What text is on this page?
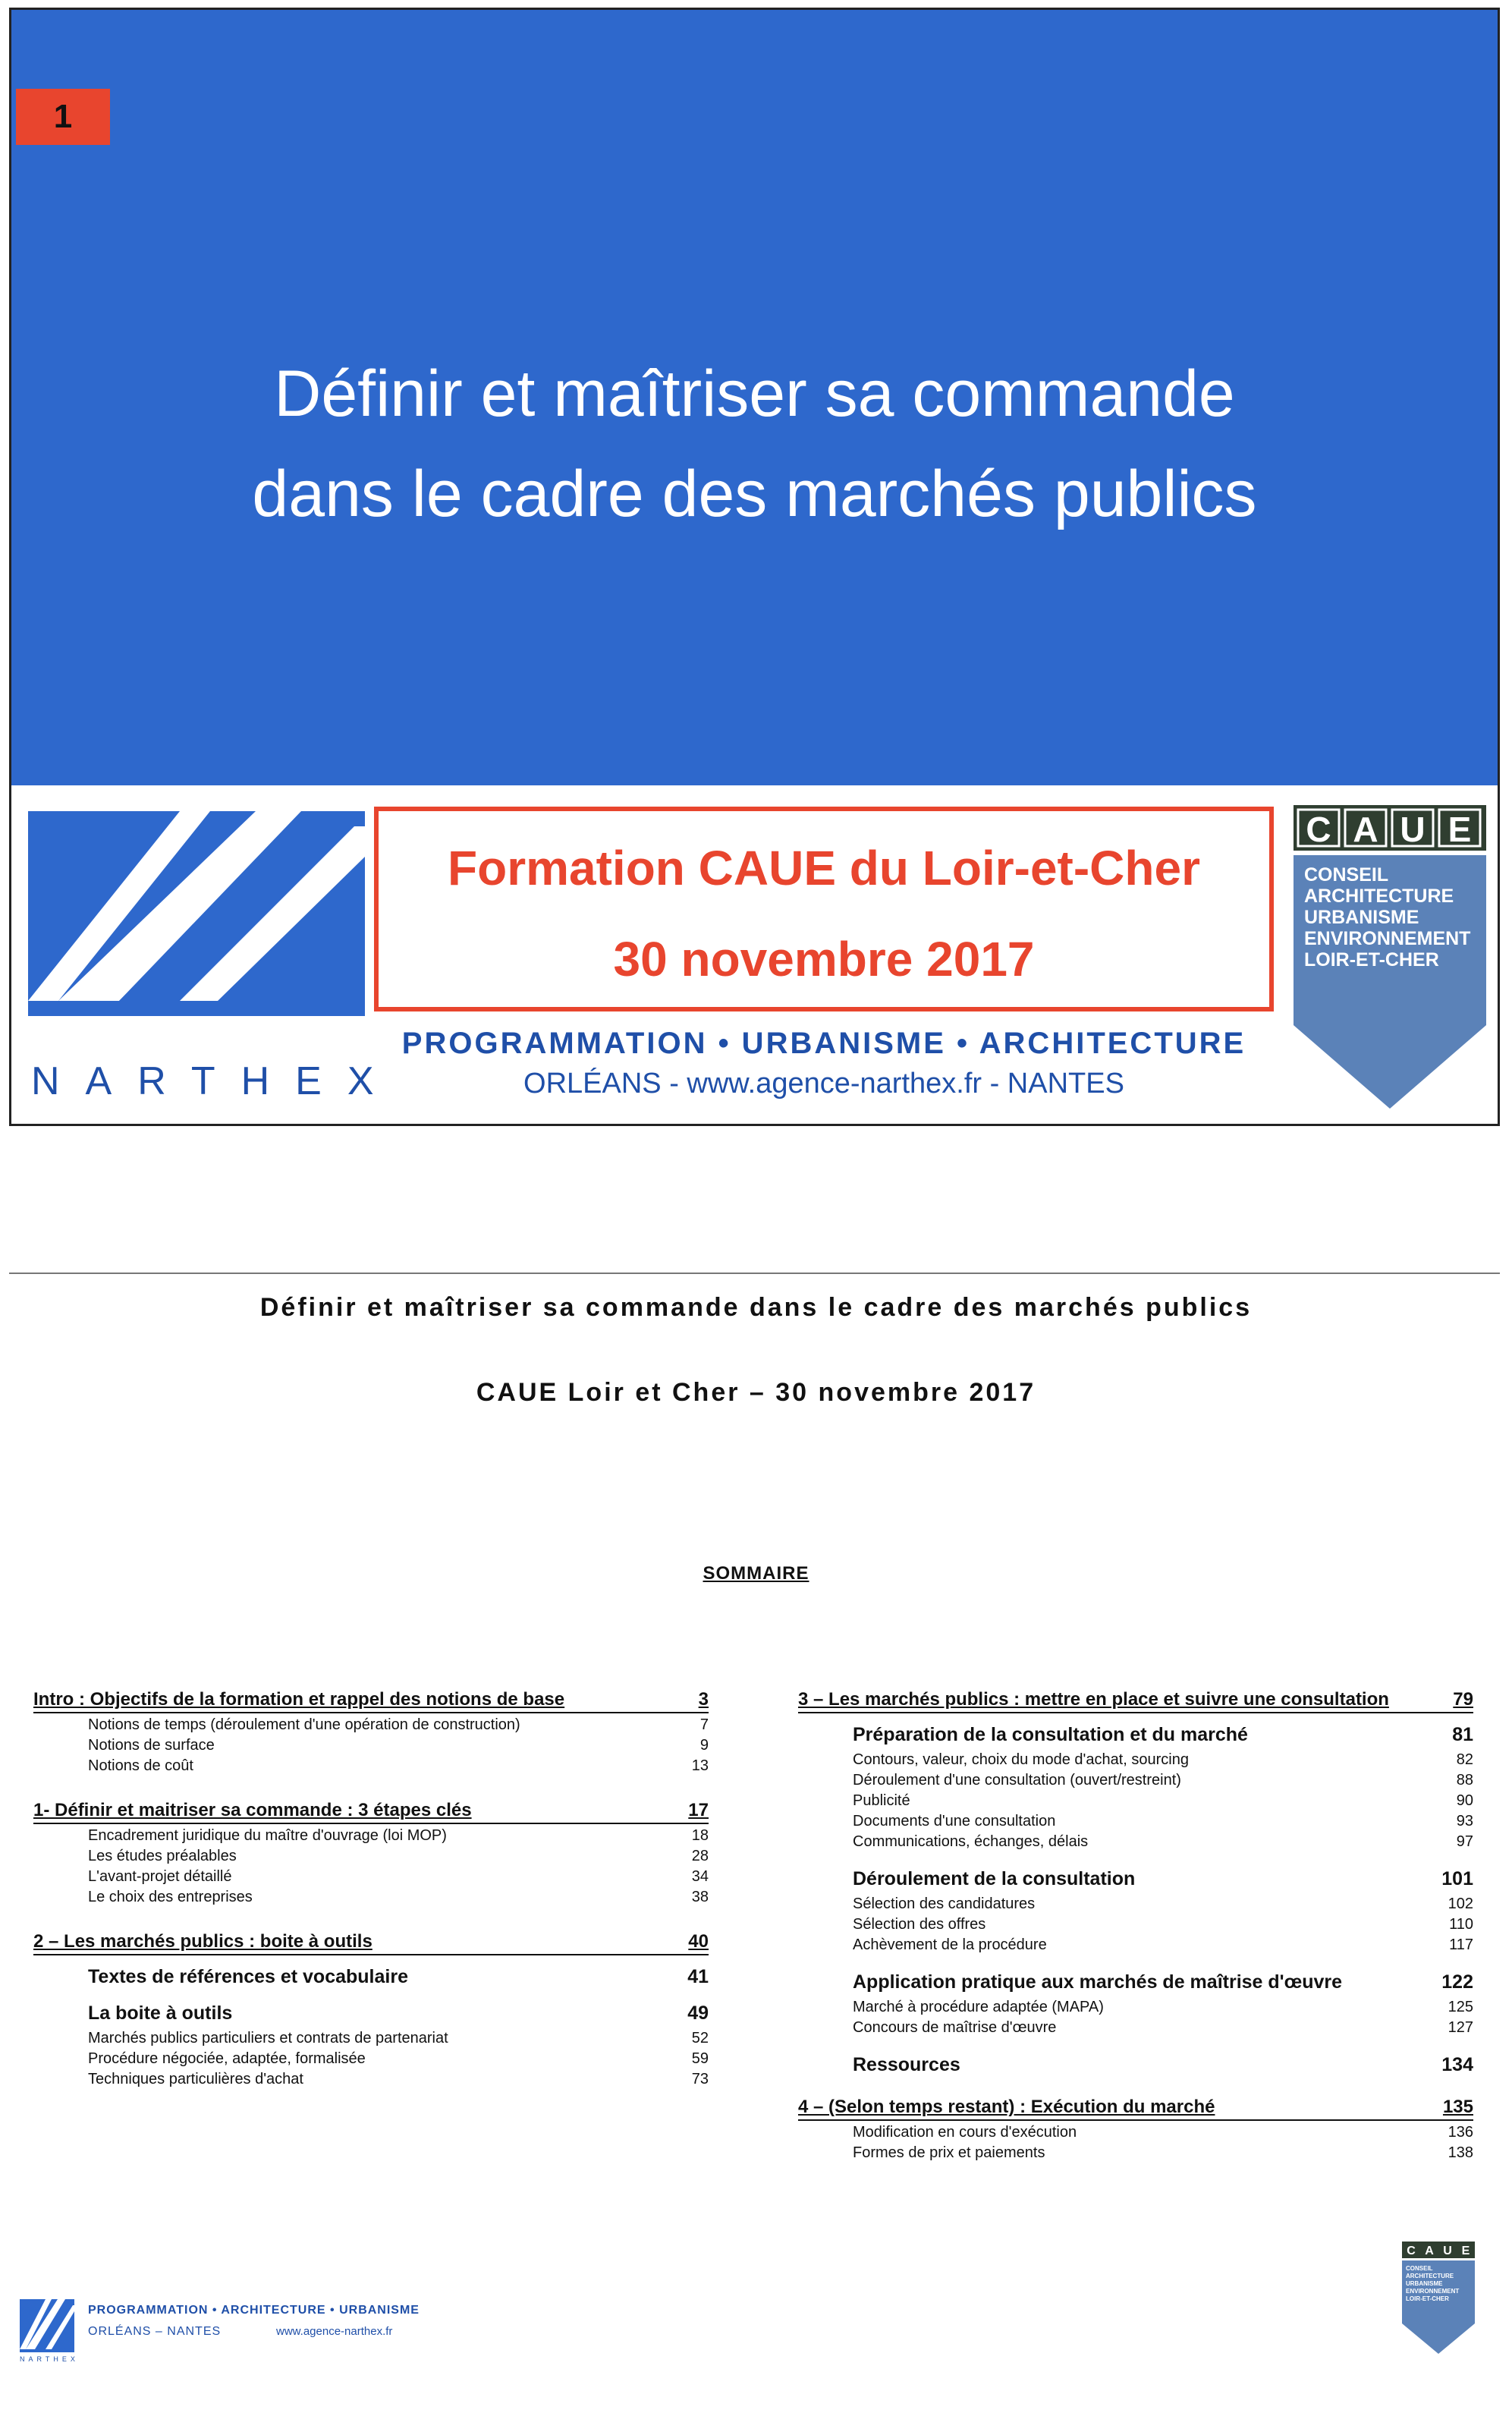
1
Définir et maîtriser sa commande
dans le cadre des marchés publics
NARTHEX
Formation CAUE du Loir-et-Cher
30 novembre 2017
PROGRAMMATION • URBANISME • ARCHITECTURE
ORLÉANS - www.agence-narthex.fr - NANTES
C A U E
CONSEIL
ARCHITECTURE
URBANISME
ENVIRONNEMENT
LOIR-ET-CHER
Définir et maîtriser sa commande dans le cadre des marchés publics
CAUE Loir et Cher – 30 novembre 2017
SOMMAIRE
Intro : Objectifs de la formation et rappel des notions de base	3
Notions de temps (déroulement d'une opération de construction)	7
Notions de surface	9
Notions de coût	13
1- Définir et maitriser sa commande : 3 étapes clés	17
Encadrement juridique du maître d'ouvrage (loi MOP)	18
Les études préalables	28
L'avant-projet détaillé	34
Le choix des entreprises	38
2 – Les marchés publics : boite à outils	40
Textes de références et vocabulaire	41
La boite à outils	49
Marchés publics particuliers et contrats de partenariat	52
Procédure négociée, adaptée, formalisée	59
Techniques particulières d'achat	73
3 – Les marchés publics : mettre en place et suivre une consultation	79
Préparation de la consultation et du marché	81
Contours, valeur, choix du mode d'achat, sourcing	82
Déroulement d'une consultation (ouvert/restreint)	88
Publicité	90
Documents d'une consultation	93
Communications, échanges, délais	97
Déroulement de la consultation	101
Sélection des candidatures	102
Sélection des offres	110
Achèvement de la procédure	117
Application pratique aux marchés de maîtrise d'œuvre	122
Marché à procédure adaptée (MAPA)	125
Concours de maîtrise d'œuvre	127
Ressources	134
4 – (Selon temps restant) : Exécution du marché	135
Modification en cours d'exécution	136
Formes de prix et paiements	138
NARTHEX
PROGRAMMATION • ARCHITECTURE • URBANISME
ORLÉANS – NANTES	www.agence-narthex.fr
C A U E
CONSEIL
ARCHITECTURE
URBANISME
ENVIRONNEMENT
LOIR-ET-CHER
